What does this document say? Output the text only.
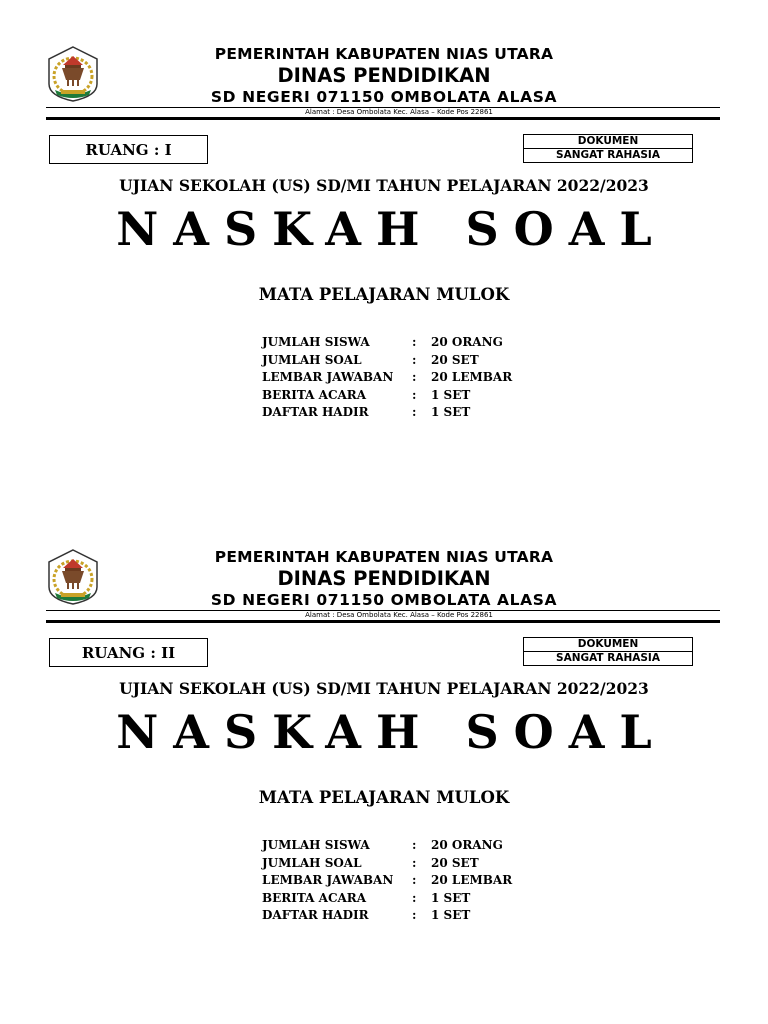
PEMERINTAH KABUPATEN NIAS UTARA
DINAS PENDIDIKAN
SD NEGERI 071150 OMBOLATA ALASA
Alamat : Desa Ombolata Kec. Alasa – Kode Pos 22861
RUANG : I	DOKUMEN
SANGAT RAHASIA
UJIAN SEKOLAH (US) SD/MI TAHUN PELAJARAN 2022/2023
NASKAH SOAL
MATA PELAJARAN MULOK
JUMLAH SISWA	: 20 ORANG
JUMLAH SOAL	: 20 SET
LEMBAR JAWABAN : 20 LEMBAR
BERITA ACARA	: 1 SET
DAFTAR HADIR	: 1 SET
PEMERINTAH KABUPATEN NIAS UTARA
DINAS PENDIDIKAN
SD NEGERI 071150 OMBOLATA ALASA
Alamat : Desa Ombolata Kec. Alasa – Kode Pos 22861
RUANG : II	DOKUMEN
SANGAT RAHASIA
UJIAN SEKOLAH (US) SD/MI TAHUN PELAJARAN 2022/2023
NASKAH SOAL
MATA PELAJARAN MULOK
JUMLAH SISWA	: 20 ORANG
JUMLAH SOAL	: 20 SET
LEMBAR JAWABAN : 20 LEMBAR
BERITA ACARA	: 1 SET
DAFTAR HADIR	: 1 SET
